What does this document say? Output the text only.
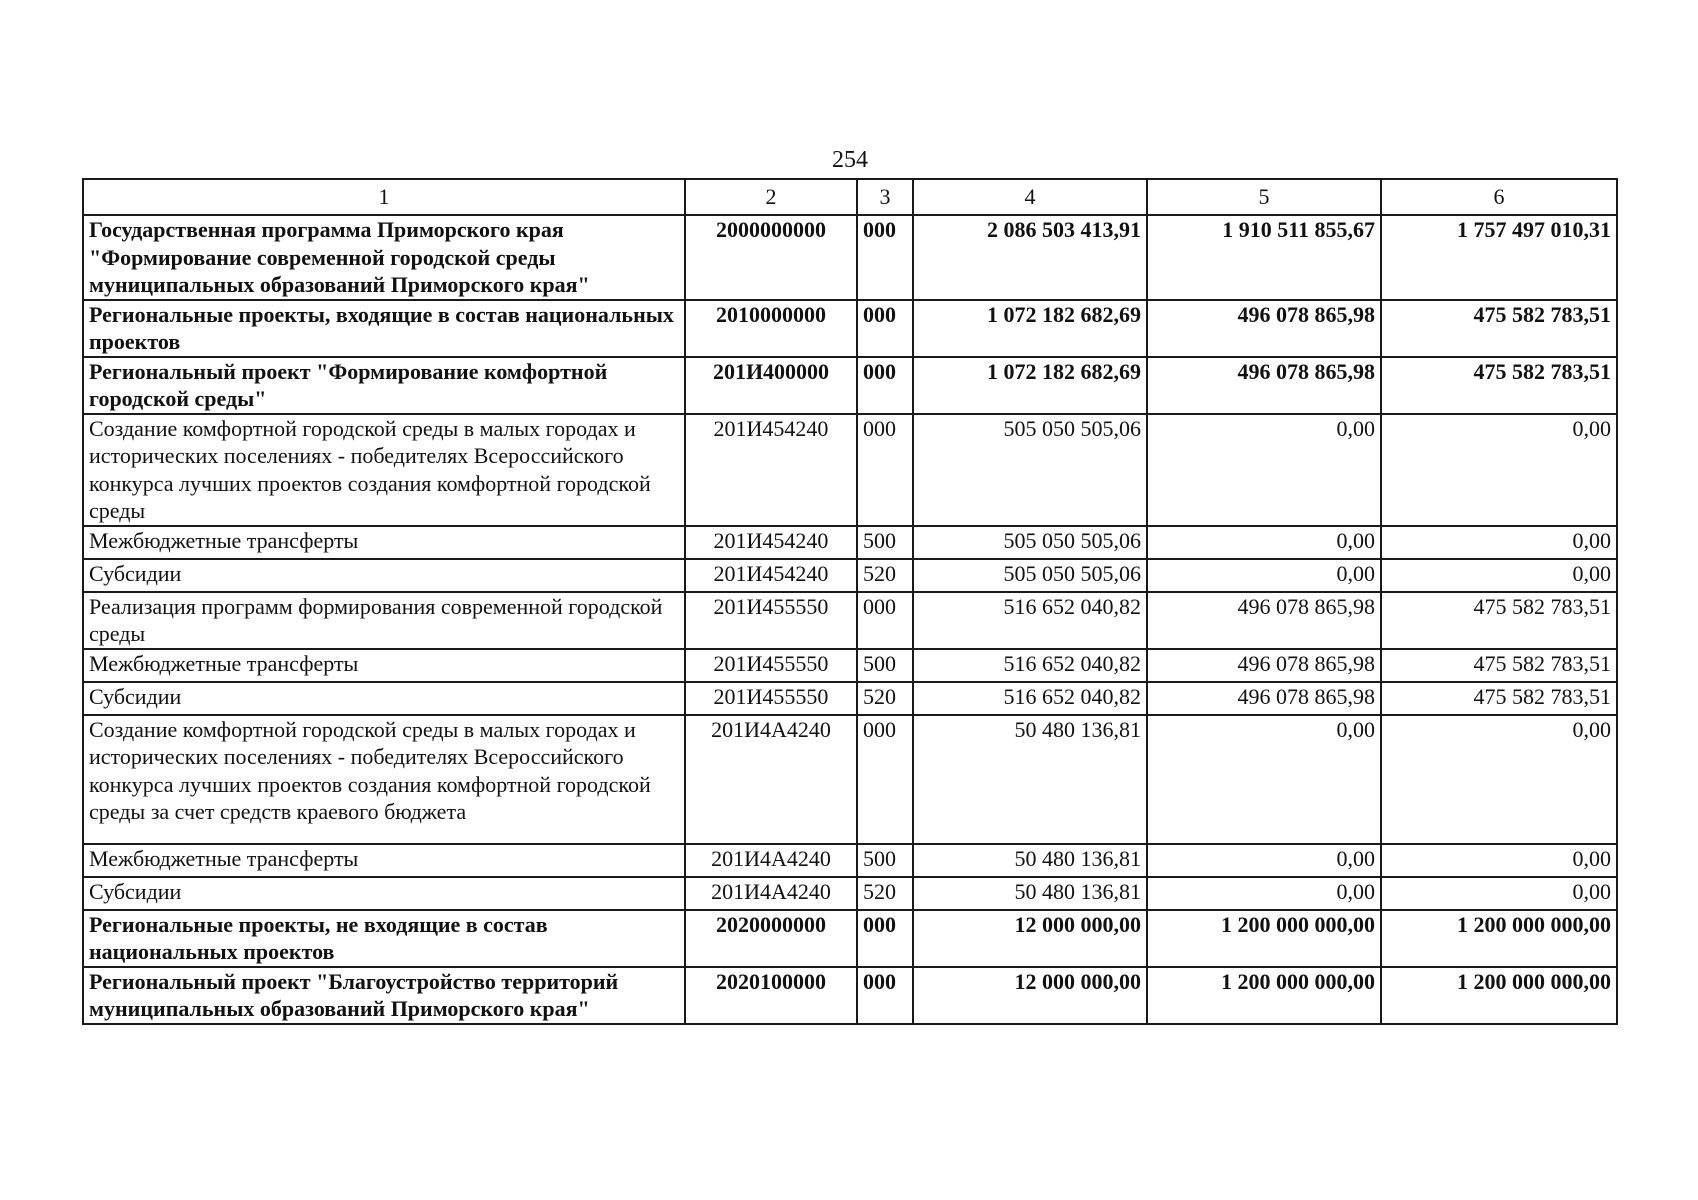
254
1	2	3	4	5	6
Государственная программа Приморского края "Формирование современной городской среды муниципальных образований Приморского края"	2000000000	000	2 086 503 413,91	1 910 511 855,67	1 757 497 010,31
Региональные проекты, входящие в состав национальных проектов	2010000000	000	1 072 182 682,69	496 078 865,98	475 582 783,51
Региональный проект "Формирование комфортной городской среды"	201И400000	000	1 072 182 682,69	496 078 865,98	475 582 783,51
Создание комфортной городской среды в малых городах и исторических поселениях - победителях Всероссийского конкурса лучших проектов создания комфортной городской среды	201И454240	000	505 050 505,06	0,00	0,00
Межбюджетные трансферты	201И454240	500	505 050 505,06	0,00	0,00
Субсидии	201И454240	520	505 050 505,06	0,00	0,00
Реализация программ формирования современной городской среды	201И455550	000	516 652 040,82	496 078 865,98	475 582 783,51
Межбюджетные трансферты	201И455550	500	516 652 040,82	496 078 865,98	475 582 783,51
Субсидии	201И455550	520	516 652 040,82	496 078 865,98	475 582 783,51
Создание комфортной городской среды в малых городах и исторических поселениях - победителях Всероссийского конкурса лучших проектов создания комфортной городской среды за счет средств краевого бюджета	201И4А4240	000	50 480 136,81	0,00	0,00
Межбюджетные трансферты	201И4А4240	500	50 480 136,81	0,00	0,00
Субсидии	201И4А4240	520	50 480 136,81	0,00	0,00
Региональные проекты, не входящие в состав национальных проектов	2020000000	000	12 000 000,00	1 200 000 000,00	1 200 000 000,00
Региональный проект "Благоустройство территорий муниципальных образований Приморского края"	2020100000	000	12 000 000,00	1 200 000 000,00	1 200 000 000,00
